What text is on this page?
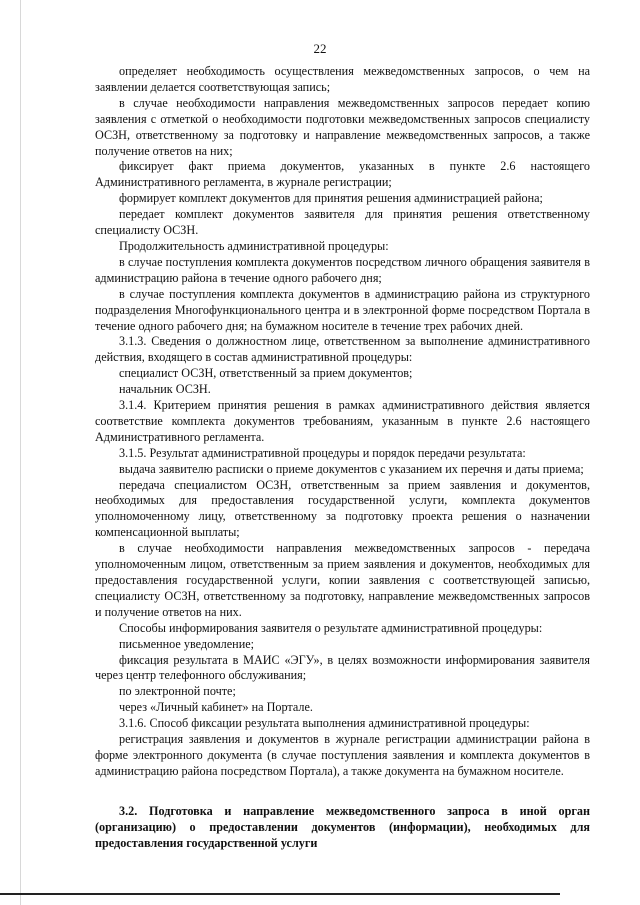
22

определяет необходимость осуществления межведомственных запросов, о чем на заявлении делается соответствующая запись;

в случае необходимости направления межведомственных запросов передает копию заявления с отметкой о необходимости подготовки межведомственных запросов специалисту ОСЗН, ответственному за подготовку и направление межведомственных запросов, а также получение ответов на них;

фиксирует факт приема документов, указанных в пункте 2.6 настоящего Административного регламента, в журнале регистрации;

формирует комплект документов для принятия решения администрацией района;

передает комплект документов заявителя для принятия решения ответственному специалисту ОСЗН.

Продолжительность административной процедуры:

в случае поступления комплекта документов посредством личного обращения заявителя в администрацию района в течение одного рабочего дня;

в случае поступления комплекта документов в администрацию района из структурного подразделения Многофункционального центра и в электронной форме посредством Портала в течение одного рабочего дня; на бумажном носителе в течение трех рабочих дней.

3.1.3. Сведения о должностном лице, ответственном за выполнение административного действия, входящего в состав административной процедуры:

специалист ОСЗН, ответственный за прием документов;

начальник ОСЗН.

3.1.4. Критерием принятия решения в рамках административного действия является соответствие комплекта документов требованиям, указанным в пункте 2.6 настоящего Административного регламента.

3.1.5. Результат административной процедуры и порядок передачи результата:

выдача заявителю расписки о приеме документов с указанием их перечня и даты приема;

передача специалистом ОСЗН, ответственным за прием заявления и документов, необходимых для предоставления государственной услуги, комплекта документов уполномоченному лицу, ответственному за подготовку проекта решения о назначении компенсационной выплаты;

в случае необходимости направления межведомственных запросов - передача уполномоченным лицом, ответственным за прием заявления и документов, необходимых для предоставления государственной услуги, копии заявления с соответствующей записью, специалисту ОСЗН, ответственному за подготовку, направление межведомственных запросов и получение ответов на них.

Способы информирования заявителя о результате административной процедуры:

письменное уведомление;

фиксация результата в МАИС «ЭГУ», в целях возможности информирования заявителя через центр телефонного обслуживания;

по электронной почте;

через «Личный кабинет» на Портале.

3.1.6. Способ фиксации результата выполнения административной процедуры:

регистрация заявления и документов в журнале регистрации администрации района в форме электронного документа (в случае поступления заявления и комплекта документов в администрацию района посредством Портала), а также документа на бумажном носителе.

3.2. Подготовка и направление межведомственного запроса в иной орган (организацию) о предоставлении документов (информации), необходимых для предоставления государственной услуги
